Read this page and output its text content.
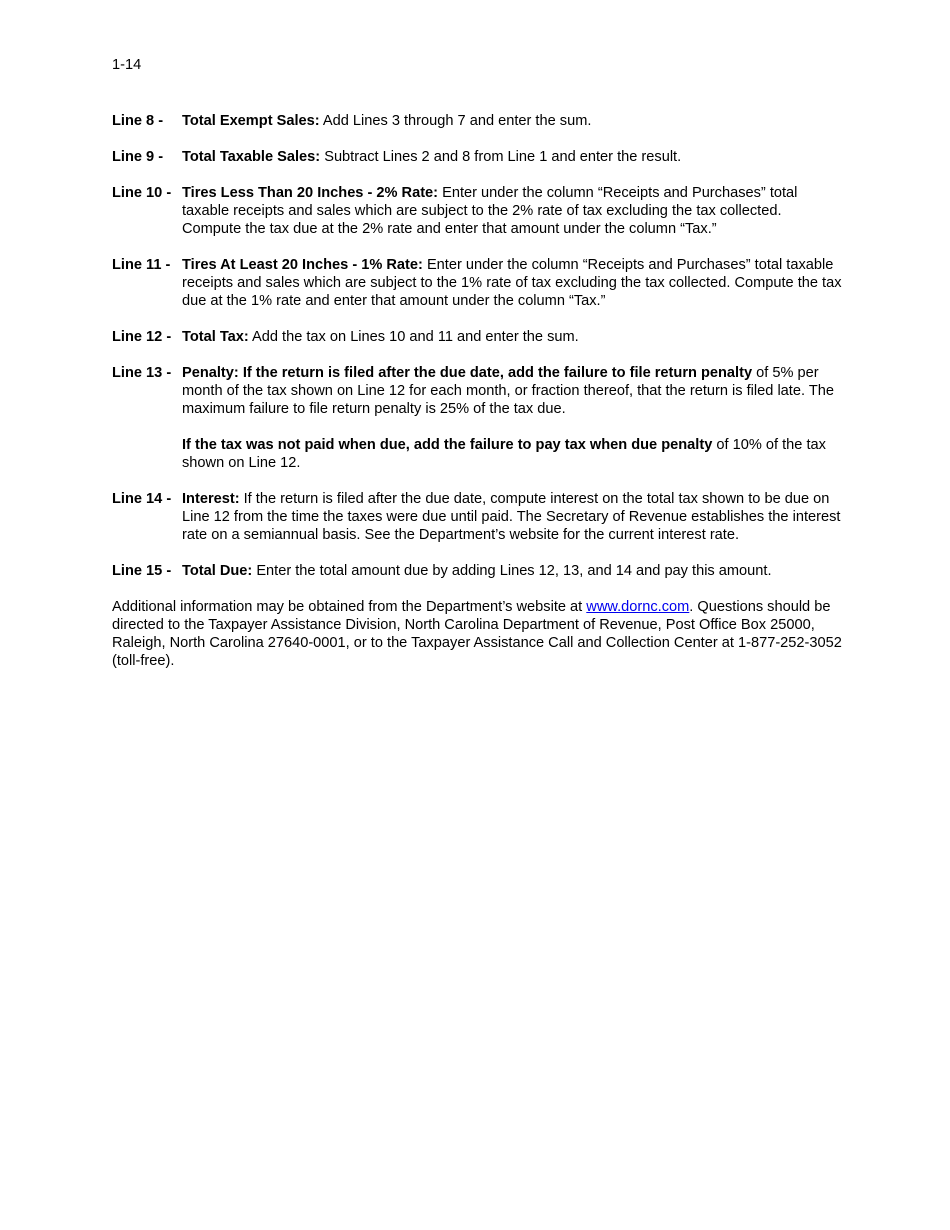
1-14
Line 8 -	Total Exempt Sales: Add Lines 3 through 7 and enter the sum.

Line 9 -	Total Taxable Sales: Subtract Lines 2 and 8 from Line 1 and enter the result.

Line 10 - Tires Less Than 20 Inches - 2% Rate: Enter under the column “Receipts and Purchases” total taxable receipts and sales which are subject to the 2% rate of tax excluding the tax collected. Compute the tax due at the 2% rate and enter that amount under the column “Tax.”

Line 11 - Tires At Least 20 Inches - 1% Rate: Enter under the column “Receipts and Purchases” total taxable receipts and sales which are subject to the 1% rate of tax excluding the tax collected. Compute the tax due at the 1% rate and enter that amount under the column “Tax.”

Line 12 - Total Tax: Add the tax on Lines 10 and 11 and enter the sum.

Line 13 - Penalty: If the return is filed after the due date, add the failure to file return penalty of 5% per month of the tax shown on Line 12 for each month, or fraction thereof, that the return is filed late. The maximum failure to file return penalty is 25% of the tax due.

If the tax was not paid when due, add the failure to pay tax when due penalty of 10% of the tax shown on Line 12.

Line 14 - Interest: If the return is filed after the due date, compute interest on the total tax shown to be due on Line 12 from the time the taxes were due until paid. The Secretary of Revenue establishes the interest rate on a semiannual basis. See the Department’s website for the current interest rate.

Line 15 - Total Due: Enter the total amount due by adding Lines 12, 13, and 14 and pay this amount.

Additional information may be obtained from the Department’s website at www.dornc.com. Questions should be directed to the Taxpayer Assistance Division, North Carolina Department of Revenue, Post Office Box 25000, Raleigh, North Carolina 27640-0001, or to the Taxpayer Assistance Call and Collection Center at 1-877-252-3052 (toll-free).
